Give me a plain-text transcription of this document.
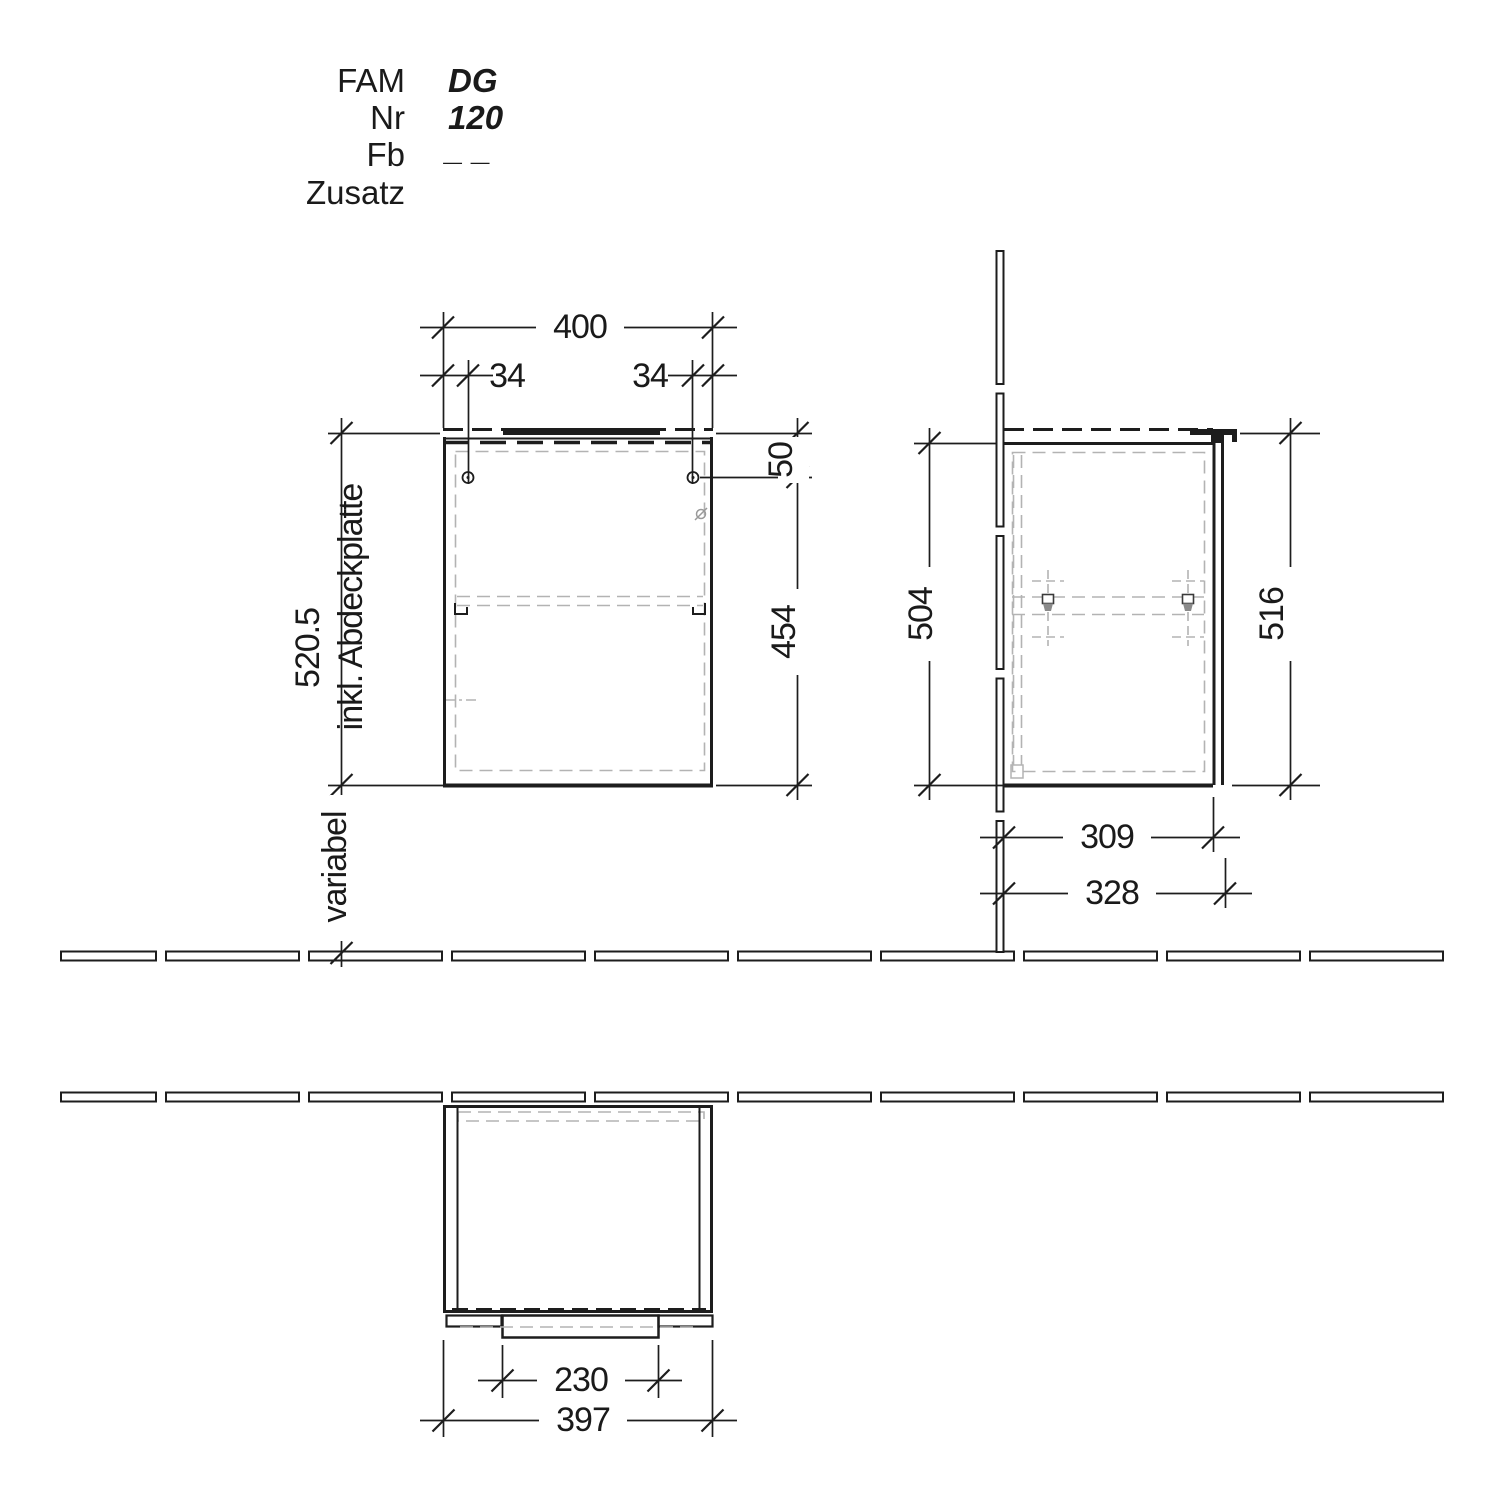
FAM DG
Nr 120
Fb _ _
Zusatz
400
34	34
520.5 inkl. Abdeckplatte
variabel
50
454	504	516
309
328
230
397
